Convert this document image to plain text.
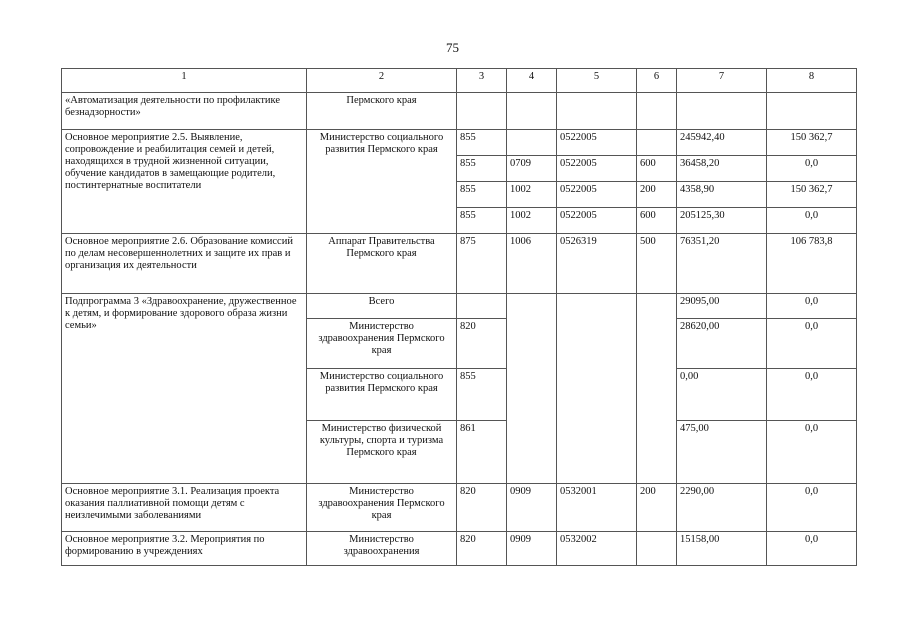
75
1	2	3	4	5	6	7	8
«Автоматизация деятельности по профилактике безнадзорности»	Пермского края						
Основное мероприятие 2.5. Выявление, сопровождение и реабилитация семей и детей, находящихся в трудной жизненной ситуации, обучение кандидатов в замещающие родители, постинтернатные воспитатели	Министерство социального развития Пермского края	855		0522005		245942,40	150 362,7
		855	0709	0522005	600	36458,20	0,0
		855	1002	0522005	200	4358,90	150 362,7
		855	1002	0522005	600	205125,30	0,0
Основное мероприятие 2.6. Образование комиссий по делам несовершеннолетних и защите их прав и организация их деятельности	Аппарат Правительства Пермского края	875	1006	0526319	500	76351,20	106 783,8
Подпрограмма 3 «Здравоохранение, дружественное к детям, и формирование здорового образа жизни семьи»	Всего					29095,00	0,0
	Министерство здравоохранения Пермского края	820				28620,00	0,0
	Министерство социального развития Пермского края	855				0,00	0,0
	Министерство физической культуры, спорта и туризма Пермского края	861				475,00	0,0
Основное мероприятие 3.1. Реализация проекта оказания паллиативной помощи детям с неизлечимыми заболеваниями	Министерство здравоохранения Пермского края	820	0909	0532001	200	2290,00	0,0
Основное мероприятие 3.2. Мероприятия по формированию в учреждениях	Министерство здравоохранения	820	0909	0532002		15158,00	0,0
